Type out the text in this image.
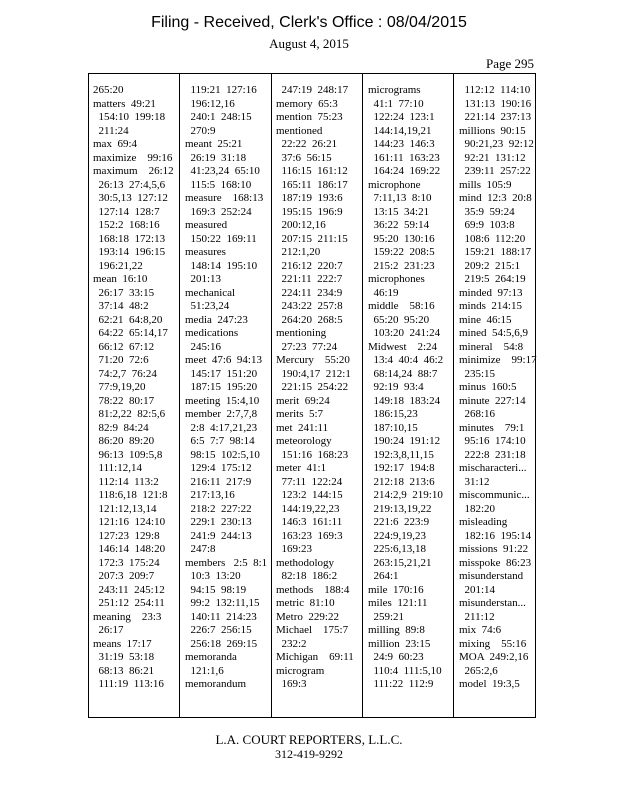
Filing - Received, Clerk's Office : 08/04/2015
August 4, 2015
Page 295
265:20
matters  49:21
154:10  199:18
211:24
max  69:4
maximize    99:16
maximum    26:12
26:13  27:4,5,6
30:5,13  127:12
127:14  128:7
152:2  168:16
168:18  172:13
193:14  196:15
196:21,22
mean  16:10
26:17  33:15
37:14  48:2
62:21  64:8,20
64:22  65:14,17
66:12  67:12
71:20  72:6
74:2,7  76:24
77:9,19,20
78:22  80:17
81:2,22  82:5,6
82:9  84:24
86:20  89:20
96:13  109:5,8
111:12,14
112:14  113:2
118:6,18  121:8
121:12,13,14
121:16  124:10
127:23  129:8
146:14  148:20
172:3  175:24
207:3  209:7
243:11  245:12
251:12  254:11
meaning    23:3
26:17
means  17:17
31:19  53:18
68:13  86:21
111:19  113:16
119:21  127:16
196:12,16
240:1  248:15
270:9
meant  25:21
26:19  31:18
41:23,24  65:10
115:5  168:10
measure    168:13
169:3  252:24
measured
150:22  169:11
measures
148:14  195:10
201:13
mechanical
51:23,24
media  247:23
medications
245:16
meet  47:6  94:13
145:17  151:20
187:15  195:20
meeting  15:4,10
member  2:7,7,8
2:8  4:17,21,23
6:5  7:7  98:14
98:15  102:5,10
129:4  175:12
216:11  217:9
217:13,16
218:2  227:22
229:1  230:13
241:9  244:13
247:8
members   2:5  8:1
10:3  13:20
94:15  98:19
99:2  132:11,15
140:11  214:23
226:7  256:15
256:18  269:15
memoranda
121:1,6
memorandum
247:19  248:17
memory  65:3
mention  75:23
mentioned
22:22  26:21
37:6  56:15
116:15  161:12
165:11  186:17
187:19  193:6
195:15  196:9
200:12,16
207:15  211:15
212:1,20
216:12  220:7
221:11  222:7
224:11  234:9
243:22  257:8
264:20  268:5
mentioning
27:23  77:24
Mercury    55:20
190:4,17  212:1
221:15  254:22
merit  69:24
merits  5:7
met  241:11
meteorology
151:16  168:23
meter  41:1
77:11  122:24
123:2  144:15
144:19,22,23
146:3  161:11
163:23  169:3
169:23
methodology
82:18  186:2
methods    188:4
metric  81:10
Metro  229:22
Michael    175:7
232:2
Michigan    69:11
microgram
169:3
micrograms
41:1  77:10
122:24  123:1
144:14,19,21
144:23  146:3
161:11  163:23
164:24  169:22
microphone
7:11,13  8:10
13:15  34:21
36:22  59:14
95:20  130:16
159:22  208:5
215:2  231:23
microphones
46:19
middle    58:16
65:20  95:20
103:20  241:24
Midwest    2:24
13:4  40:4  46:2
68:14,24  88:7
92:19  93:4
149:18  183:24
186:15,23
187:10,15
190:24  191:12
192:3,8,11,15
192:17  194:8
212:18  213:6
214:2,9  219:10
219:13,19,22
221:6  223:9
224:9,19,23
225:6,13,18
263:15,21,21
264:1
mile  170:16
miles  121:11
259:21
milling  89:8
million  23:15
24:9  60:23
110:4  111:5,10
111:22  112:9
112:12  114:10
131:13  190:16
221:14  237:13
millions  90:15
90:21,23  92:12
92:21  131:12
239:11  257:22
mills  105:9
mind  12:3  20:8
35:9  59:24
69:9  103:8
108:6  112:20
159:21  188:17
209:2  215:1
219:5  264:19
minded  97:13
minds  214:15
mine  46:15
mined  54:5,6,9
mineral    54:8
minimize    99:17
235:15
minus  160:5
minute  227:14
268:16
minutes    79:1
95:16  174:10
222:8  231:18
mischaracteri...
31:12
miscommunic...
182:20
misleading
182:16  195:14
missions  91:22
misspoke  86:23
misunderstand
201:14
misunderstan...
211:12
mix  74:6
mixing    55:16
MOA  249:2,16
265:2,6
model  19:3,5
L.A. COURT REPORTERS, L.L.C.
312-419-9292
